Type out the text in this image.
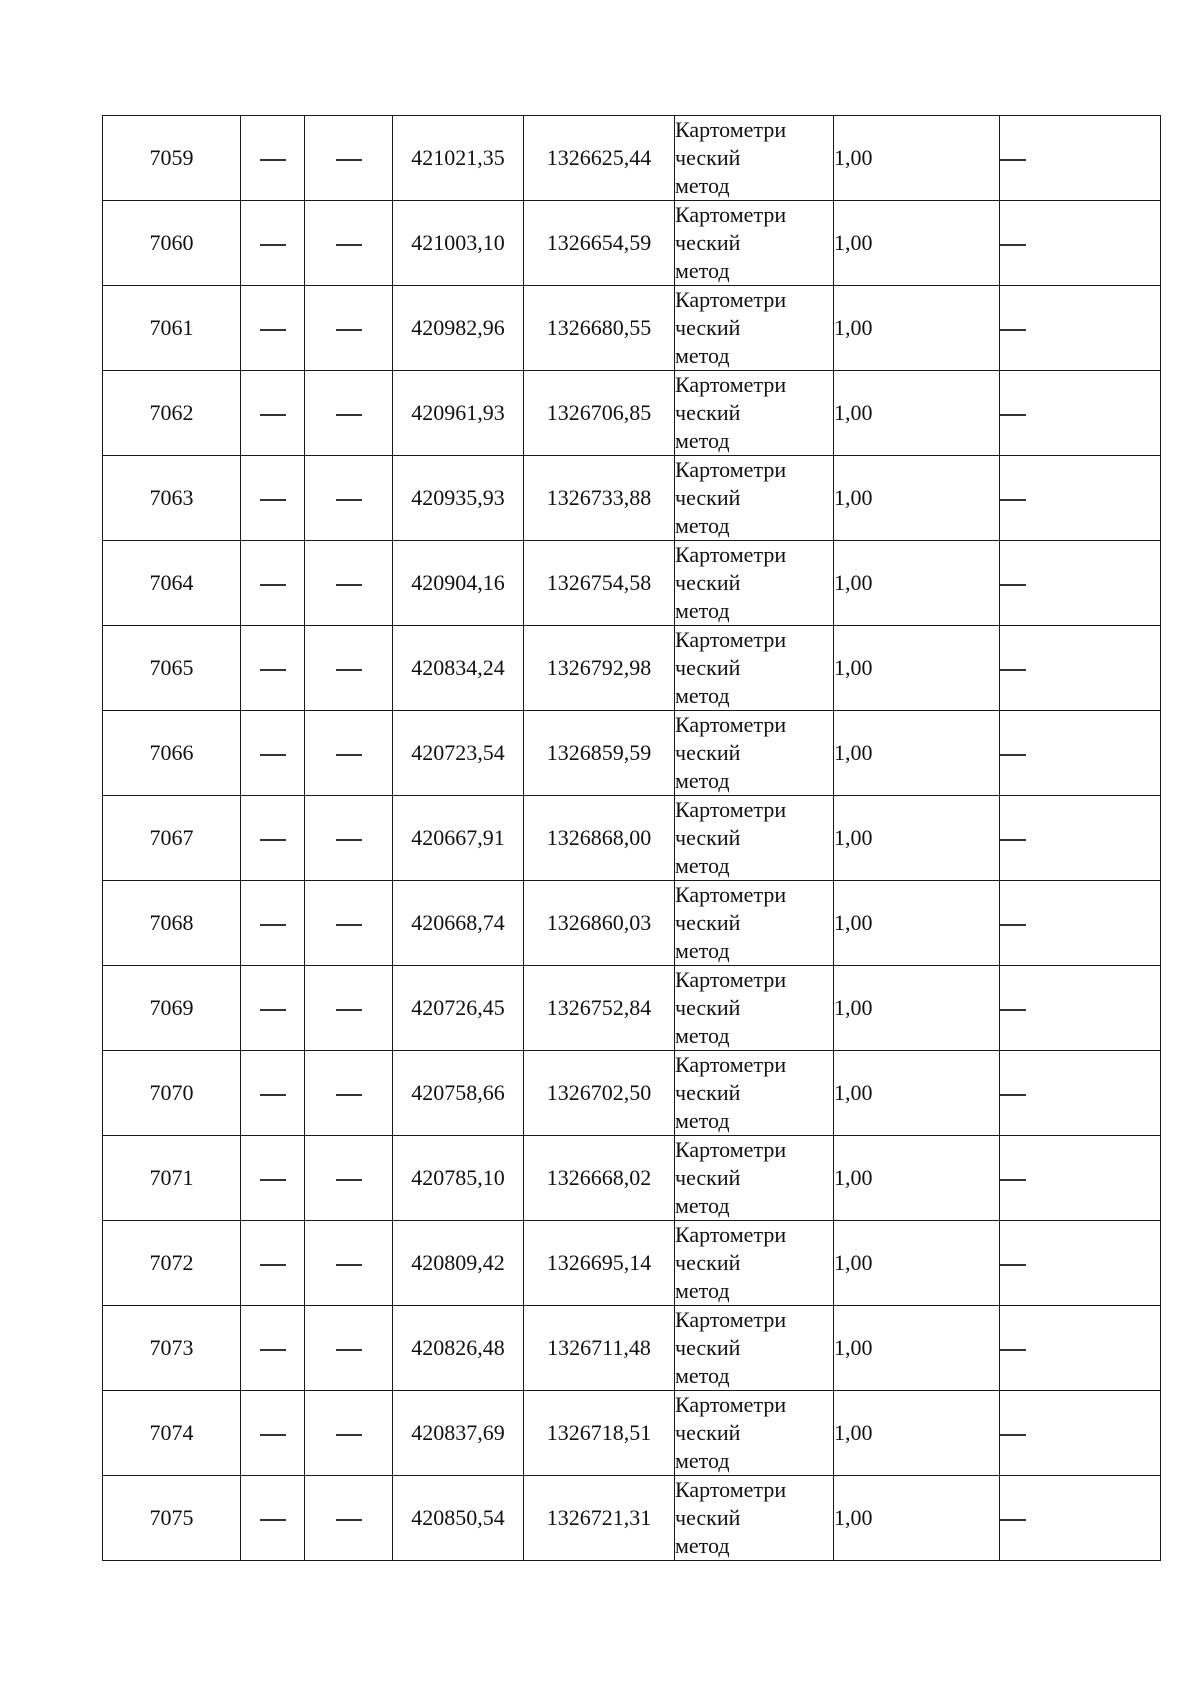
7059			421021,35	1326625,44	Картометри
ческий
метод	1,00	
7060			421003,10	1326654,59	Картометри
ческий
метод	1,00	
7061			420982,96	1326680,55	Картометри
ческий
метод	1,00	
7062			420961,93	1326706,85	Картометри
ческий
метод	1,00	
7063			420935,93	1326733,88	Картометри
ческий
метод	1,00	
7064			420904,16	1326754,58	Картометри
ческий
метод	1,00	
7065			420834,24	1326792,98	Картометри
ческий
метод	1,00	
7066			420723,54	1326859,59	Картометри
ческий
метод	1,00	
7067			420667,91	1326868,00	Картометри
ческий
метод	1,00	
7068			420668,74	1326860,03	Картометри
ческий
метод	1,00	
7069			420726,45	1326752,84	Картометри
ческий
метод	1,00	
7070			420758,66	1326702,50	Картометри
ческий
метод	1,00	
7071			420785,10	1326668,02	Картометри
ческий
метод	1,00	
7072			420809,42	1326695,14	Картометри
ческий
метод	1,00	
7073			420826,48	1326711,48	Картометри
ческий
метод	1,00	
7074			420837,69	1326718,51	Картометри
ческий
метод	1,00	
7075			420850,54	1326721,31	Картометри
ческий
метод	1,00	
